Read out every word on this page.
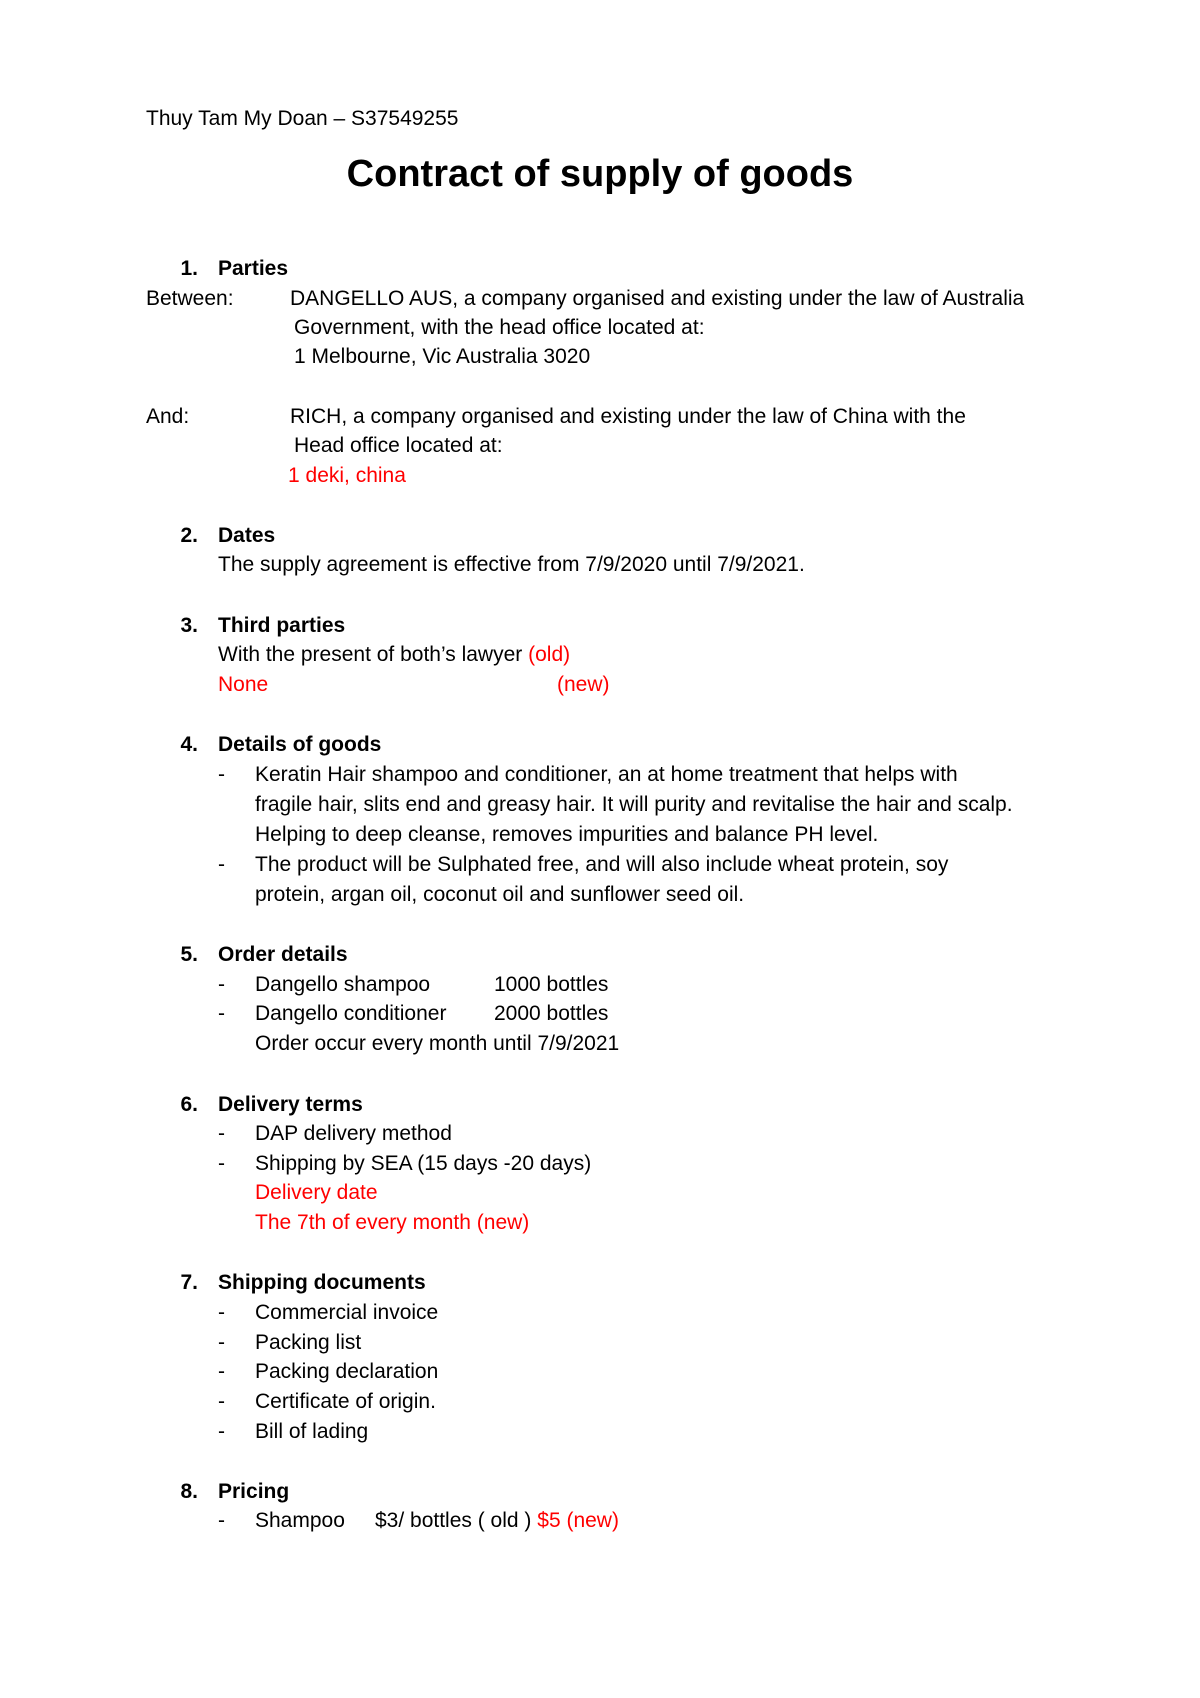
Thuy Tam My Doan – S37549255
Contract of supply of goods
1. Parties
Between:	DANGELLO AUS, a company organised and existing under the law of Australia
Government, with the head office located at:
1 Melbourne, Vic Australia 3020
And:	RICH, a company organised and existing under the law of China with the
Head office located at:
1 deki, china
2. Dates
The supply agreement is effective from 7/9/2020 until 7/9/2021.
3. Third parties
With the present of both’s lawyer (old)
None	(new)
4. Details of goods
- Keratin Hair shampoo and conditioner, an at home treatment that helps with
fragile hair, slits end and greasy hair. It will purity and revitalise the hair and scalp.
Helping to deep cleanse, removes impurities and balance PH level.
- The product will be Sulphated free, and will also include wheat protein, soy
protein, argan oil, coconut oil and sunflower seed oil.
5. Order details
- Dangello shampoo	1000 bottles
- Dangello conditioner 2000 bottles
Order occur every month until 7/9/2021
6. Delivery terms
- DAP delivery method
- Shipping by SEA (15 days -20 days)
Delivery date
The 7th of every month (new)
7. Shipping documents
- Commercial invoice
- Packing list
- Packing declaration
- Certificate of origin.
- Bill of lading
8. Pricing
- Shampoo $3/ bottles ( old ) $5 (new)
